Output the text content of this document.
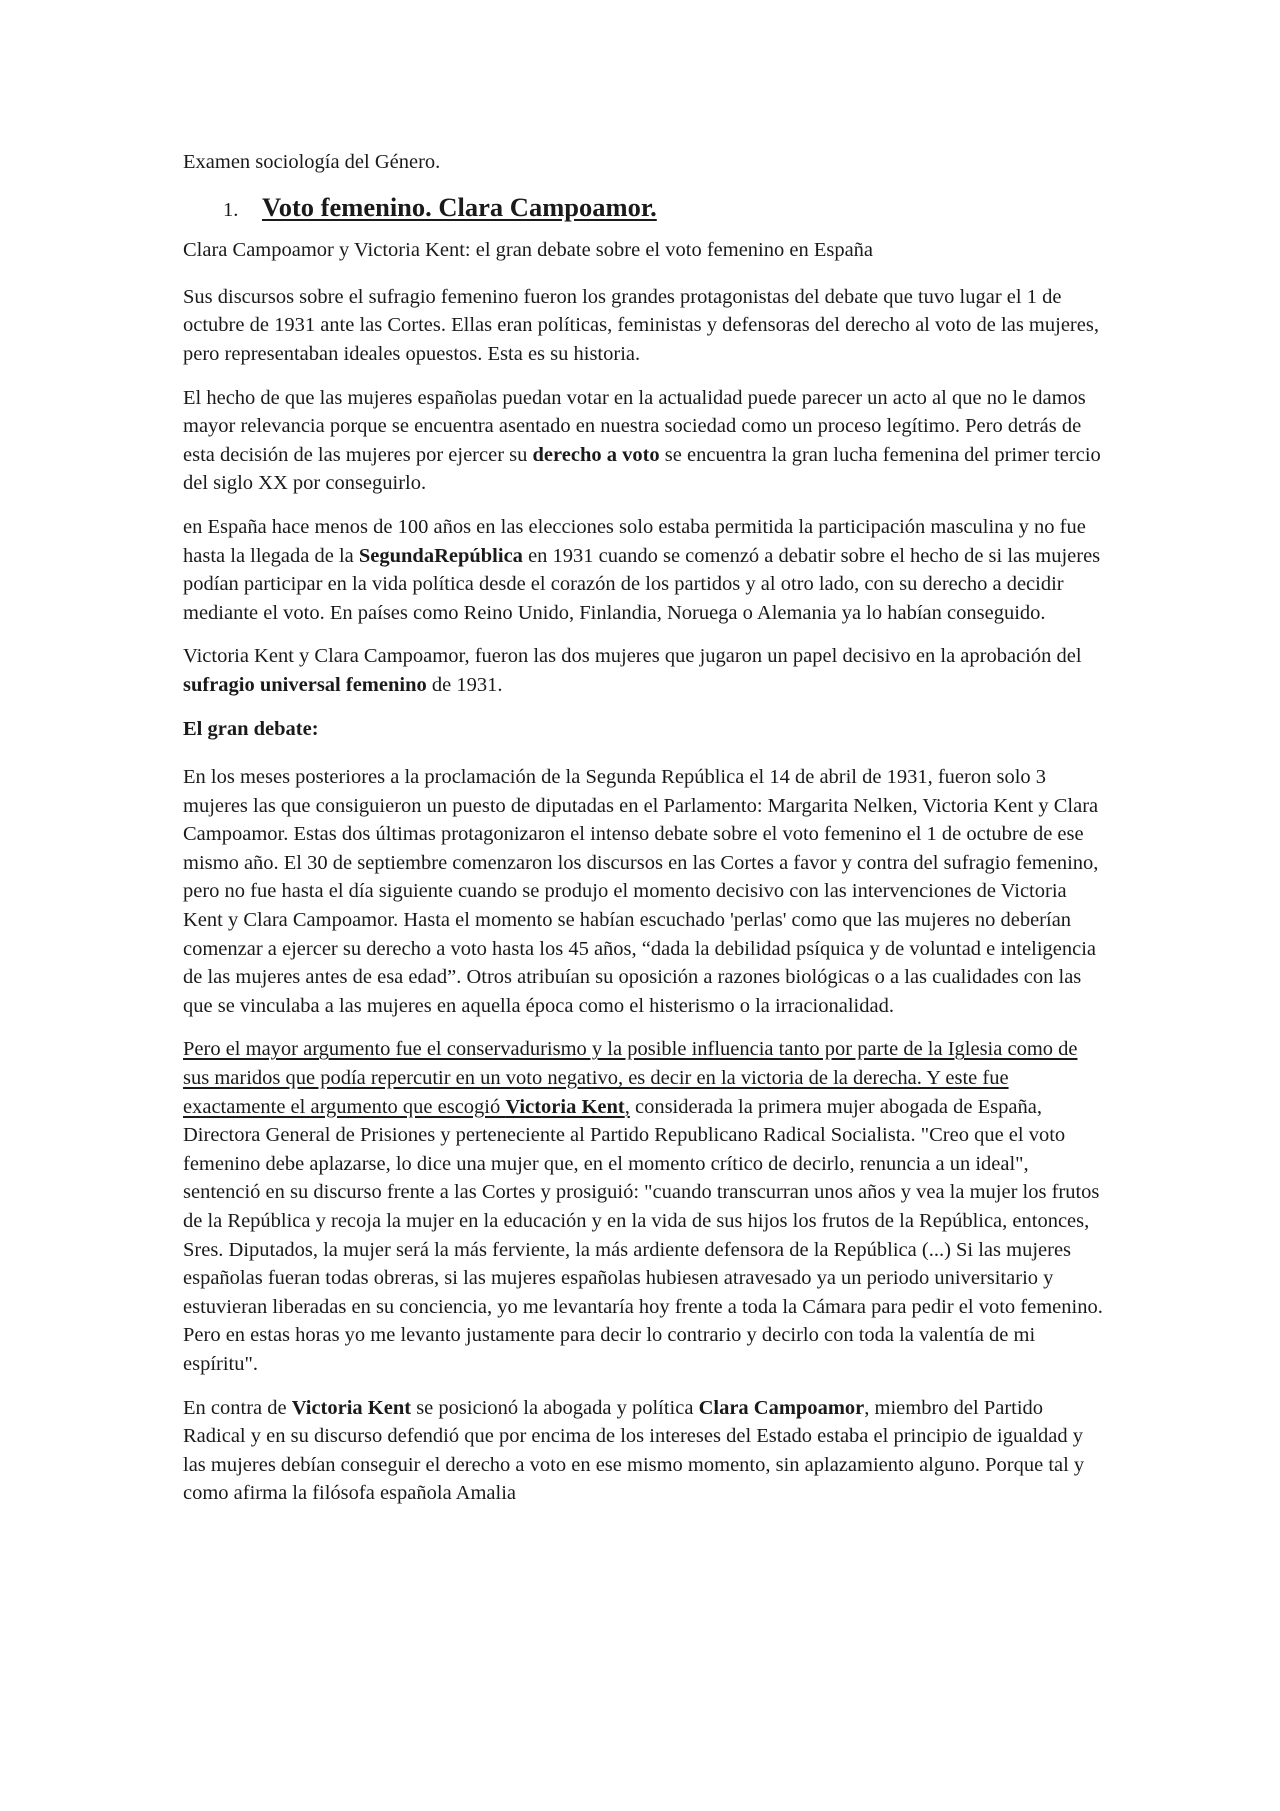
Examen sociología del Género.

1. Voto femenino. Clara Campoamor.

Clara Campoamor y Victoria Kent: el gran debate sobre el voto femenino en España

Sus discursos sobre el sufragio femenino fueron los grandes protagonistas del debate que tuvo lugar el 1 de octubre de 1931 ante las Cortes. Ellas eran políticas, feministas y defensoras del derecho al voto de las mujeres, pero representaban ideales opuestos. Esta es su historia.

El hecho de que las mujeres españolas puedan votar en la actualidad puede parecer un acto al que no le damos mayor relevancia porque se encuentra asentado en nuestra sociedad como un proceso legítimo. Pero detrás de esta decisión de las mujeres por ejercer su derecho a voto se encuentra la gran lucha femenina del primer tercio del siglo XX por conseguirlo.

en España hace menos de 100 años en las elecciones solo estaba permitida la participación masculina y no fue hasta la llegada de la SegundaRepública en 1931 cuando se comenzó a debatir sobre el hecho de si las mujeres podían participar en la vida política desde el corazón de los partidos y al otro lado, con su derecho a decidir mediante el voto. En países como Reino Unido, Finlandia, Noruega o Alemania ya lo habían conseguido.

Victoria Kent y Clara Campoamor, fueron las dos mujeres que jugaron un papel decisivo en la aprobación del sufragio universal femenino de 1931.

El gran debate:

En los meses posteriores a la proclamación de la Segunda República el 14 de abril de 1931, fueron solo 3 mujeres las que consiguieron un puesto de diputadas en el Parlamento: Margarita Nelken, Victoria Kent y Clara Campoamor. Estas dos últimas protagonizaron el intenso debate sobre el voto femenino el 1 de octubre de ese mismo año. El 30 de septiembre comenzaron los discursos en las Cortes a favor y contra del sufragio femenino, pero no fue hasta el día siguiente cuando se produjo el momento decisivo con las intervenciones de Victoria Kent y Clara Campoamor. Hasta el momento se habían escuchado 'perlas' como que las mujeres no deberían comenzar a ejercer su derecho a voto hasta los 45 años, “dada la debilidad psíquica y de voluntad e inteligencia de las mujeres antes de esa edad”. Otros atribuían su oposición a razones biológicas o a las cualidades con las que se vinculaba a las mujeres en aquella época como el histerismo o la irracionalidad.

Pero el mayor argumento fue el conservadurismo y la posible influencia tanto por parte de la Iglesia como de sus maridos que podía repercutir en un voto negativo, es decir en la victoria de la derecha. Y este fue exactamente el argumento que escogió Victoria Kent, considerada la primera mujer abogada de España, Directora General de Prisiones y perteneciente al Partido Republicano Radical Socialista. "Creo que el voto femenino debe aplazarse, lo dice una mujer que, en el momento crítico de decirlo, renuncia a un ideal", sentenció en su discurso frente a las Cortes y prosiguió: "cuando transcurran unos años y vea la mujer los frutos de la República y recoja la mujer en la educación y en la vida de sus hijos los frutos de la República, entonces, Sres. Diputados, la mujer será la más ferviente, la más ardiente defensora de la República (...) Si las mujeres españolas fueran todas obreras, si las mujeres españolas hubiesen atravesado ya un periodo universitario y estuvieran liberadas en su conciencia, yo me levantaría hoy frente a toda la Cámara para pedir el voto femenino. Pero en estas horas yo me levanto justamente para decir lo contrario y decirlo con toda la valentía de mi espíritu".

En contra de Victoria Kent se posicionó la abogada y política Clara Campoamor, miembro del Partido Radical y en su discurso defendió que por encima de los intereses del Estado estaba el principio de igualdad y las mujeres debían conseguir el derecho a voto en ese mismo momento, sin aplazamiento alguno. Porque tal y como afirma la filósofa española Amalia
